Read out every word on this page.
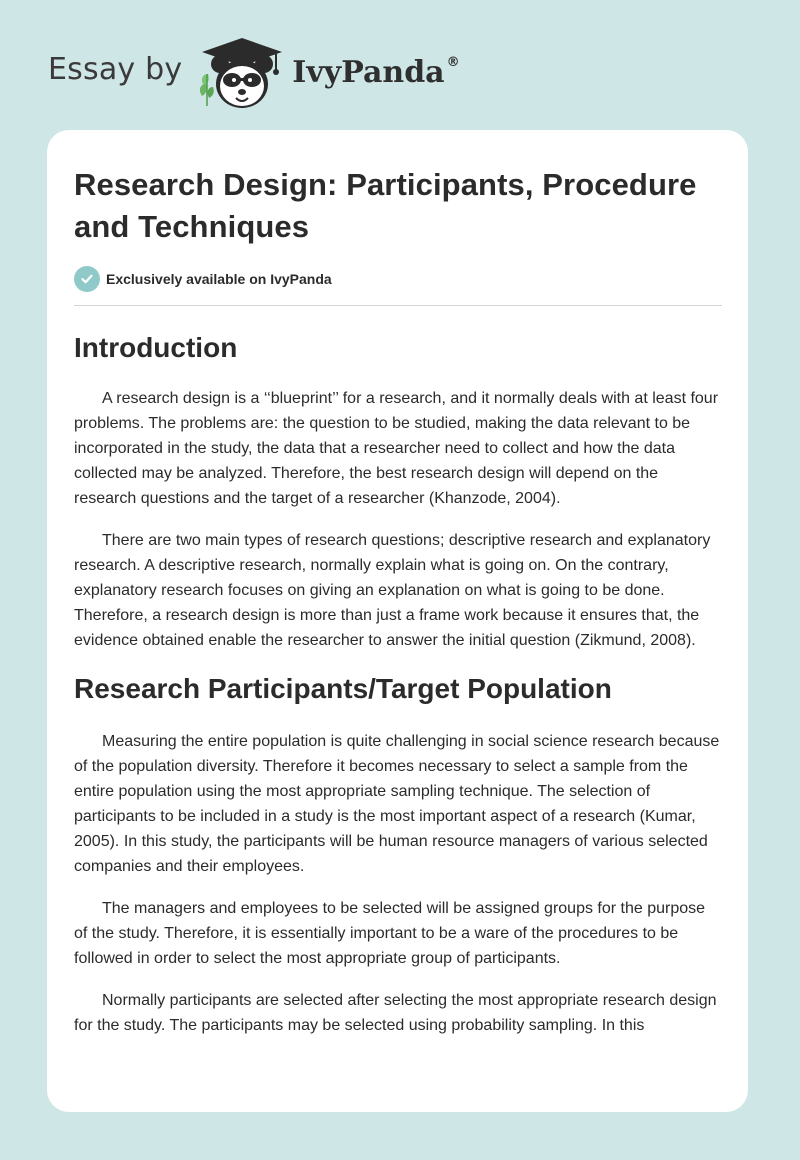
Essay by	IvyPanda ®
Research Design: Participants, Procedure and Techniques
Exclusively available on IvyPanda
Introduction

A research design is a ‘‘blueprint’’ for a research, and it normally deals with at least four problems. The problems are: the question to be studied, making the data relevant to be incorporated in the study, the data that a researcher need to collect and how the data collected may be analyzed. Therefore, the best research design will depend on the research questions and the target of a researcher (Khanzode, 2004).

There are two main types of research questions; descriptive research and explanatory research. A descriptive research, normally explain what is going on. On the contrary, explanatory research focuses on giving an explanation on what is going to be done. Therefore, a research design is more than just a frame work because it ensures that, the evidence obtained enable the researcher to answer the initial question (Zikmund, 2008).

Research Participants/Target Population

Measuring the entire population is quite challenging in social science research because of the population diversity. Therefore it becomes necessary to select a sample from the entire population using the most appropriate sampling technique. The selection of participants to be included in a study is the most important aspect of a research (Kumar, 2005). In this study, the participants will be human resource managers of various selected companies and their employees.

The managers and employees to be selected will be assigned groups for the purpose of the study. Therefore, it is essentially important to be a ware of the procedures to be followed in order to select the most appropriate group of participants.

Normally participants are selected after selecting the most appropriate research design for the study. The participants may be selected using probability sampling. In this
